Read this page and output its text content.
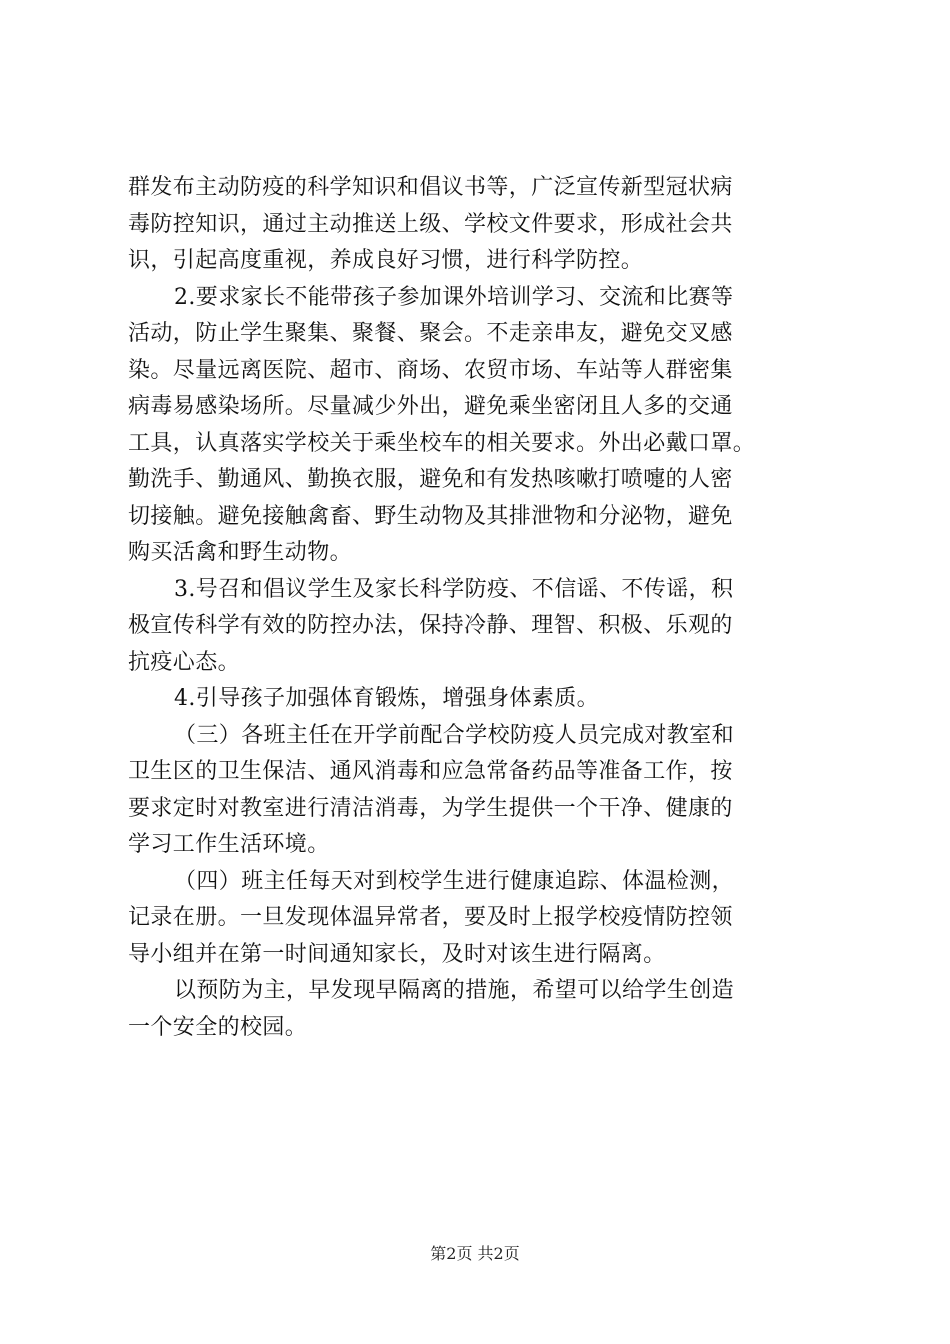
群发布主动防疫的科学知识和倡议书等，广泛宣传新型冠状病
毒防控知识，通过主动推送上级、学校文件要求，形成社会共
识，引起高度重视，养成良好习惯，进行科学防控。
2.要求家长不能带孩子参加课外培训学习、交流和比赛等
活动，防止学生聚集、聚餐、聚会。不走亲串友，避免交叉感
染。尽量远离医院、超市、商场、农贸市场、车站等人群密集
病毒易感染场所。尽量减少外出，避免乘坐密闭且人多的交通
工具，认真落实学校关于乘坐校车的相关要求。外出必戴口罩。
勤洗手、勤通风、勤换衣服，避免和有发热咳嗽打喷嚏的人密
切接触。避免接触禽畜、野生动物及其排泄物和分泌物，避免
购买活禽和野生动物。
3.号召和倡议学生及家长科学防疫、不信谣、不传谣，积
极宣传科学有效的防控办法，保持冷静、理智、积极、乐观的
抗疫心态。
4.引导孩子加强体育锻炼，增强身体素质。
（三）各班主任在开学前配合学校防疫人员完成对教室和
卫生区的卫生保洁、通风消毒和应急常备药品等准备工作，按
要求定时对教室进行清洁消毒，为学生提供一个干净、健康的
学习工作生活环境。
（四）班主任每天对到校学生进行健康追踪、体温检测，
记录在册。一旦发现体温异常者，要及时上报学校疫情防控领
导小组并在第一时间通知家长，及时对该生进行隔离。
以预防为主，早发现早隔离的措施，希望可以给学生创造
一个安全的校园。
第2页 共2页
